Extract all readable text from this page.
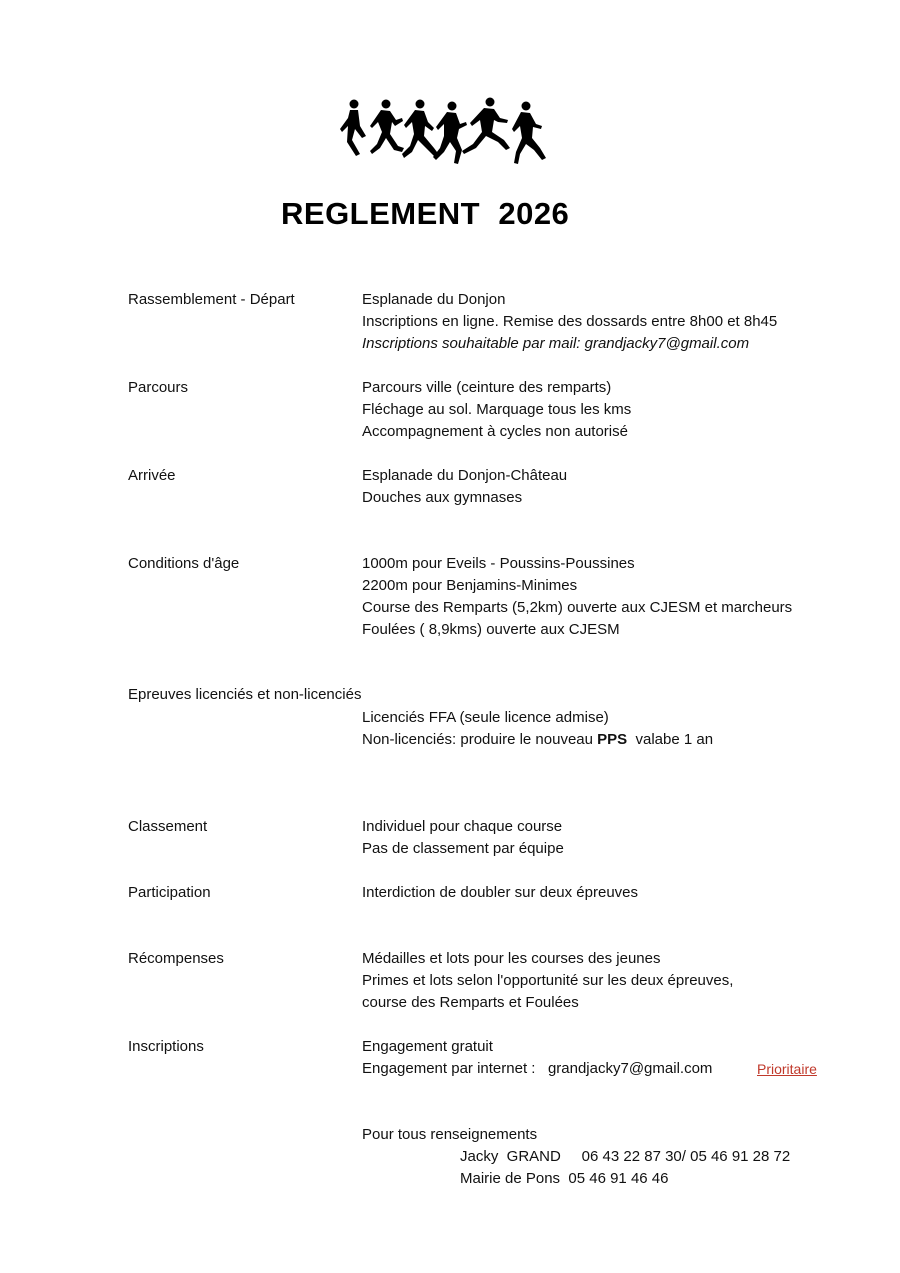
REGLEMENT  2026
Rassemblement - Départ	Esplanade du Donjon
Inscriptions en ligne. Remise des dossards entre 8h00 et 8h45
Inscriptions souhaitable par mail: grandjacky7@gmail.com
Parcours	Parcours ville (ceinture des remparts)
Fléchage au sol. Marquage tous les kms
Accompagnement à cycles non autorisé
Arrivée	Esplanade du Donjon-Château
Douches aux gymnases
Conditions d'âge	1000m pour Eveils - Poussins-Poussines
2200m pour Benjamins-Minimes
Course des Remparts (5,2km) ouverte aux CJESM et marcheurs
Foulées ( 8,9kms) ouverte aux CJESM
Epreuves licenciés et non-licenciés
Licenciés FFA (seule licence admise)
Non-licenciés: produire le nouveau PPS  valabe 1 an
Classement	Individuel pour chaque course
Pas de classement par équipe
Participation	Interdiction de doubler sur deux épreuves
Récompenses	Médailles et lots pour les courses des jeunes
Primes et lots selon l'opportunité sur les deux épreuves,
course des Remparts et Foulées
Inscriptions	Engagement gratuit
Engagement par internet :   grandjacky7@gmail.com	Prioritaire
Pour tous renseignements
Jacky  GRAND     06 43 22 87 30/ 05 46 91 28 72
Mairie de Pons  05 46 91 46 46
